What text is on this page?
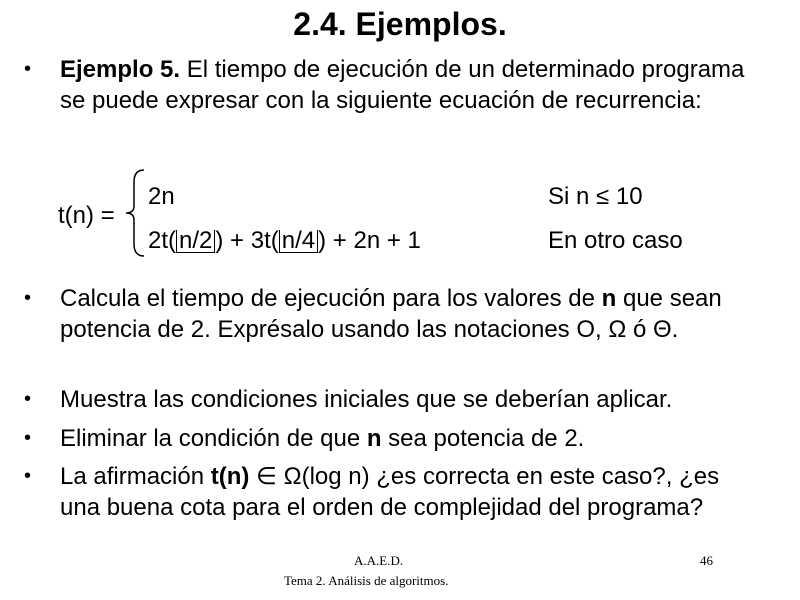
2.4. Ejemplos.
•	Ejemplo 5. El tiempo de ejecución de un determinado programa se puede expresar con la siguiente ecuación de recurrencia:
t(n) =
2n	Si n ≤ 10
2t( n/2 ) + 3t( n/4 ) + 2n + 1	En otro caso
•	Calcula el tiempo de ejecución para los valores de n que sean potencia de 2. Exprésalo usando las notaciones O, Ω ó Θ.
•	Muestra las condiciones iniciales que se deberían aplicar.
•	Eliminar la condición de que n sea potencia de 2.
•	La afirmación t(n) ∈ Ω(log n) ¿es correcta en este caso?, ¿es una buena cota para el orden de complejidad del programa?
A.A.E.D.
Tema 2. Análisis de algoritmos.
46
